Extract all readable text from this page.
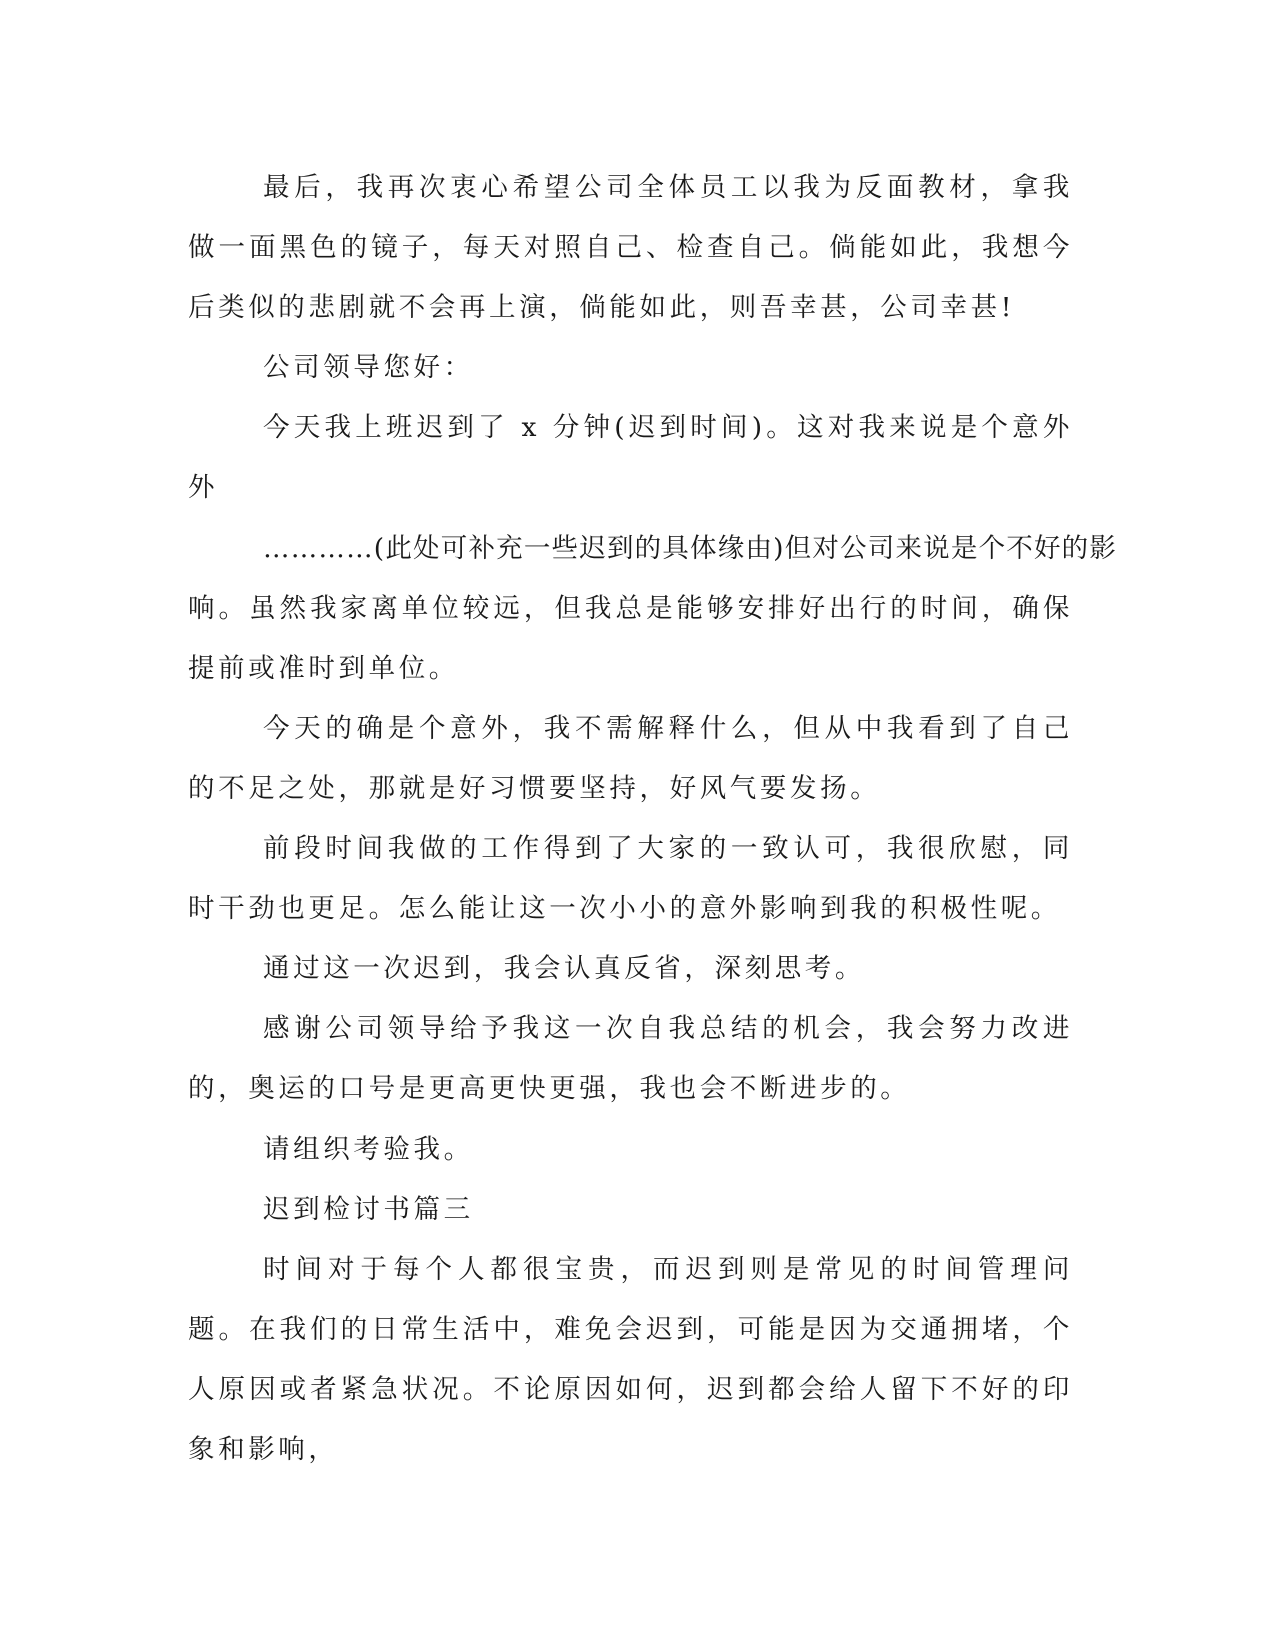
最后，我再次衷心希望公司全体员工以我为反面教材，拿我做一面黑色的镜子，每天对照自己、检查自己。倘能如此，我想今后类似的悲剧就不会再上演，倘能如此，则吾幸甚，公司幸甚!

公司领导您好：

今天我上班迟到了 x 分钟(迟到时间)。这对我来说是个意外外
…………(此处可补充一些迟到的具体缘由)但对公司来说是个不好的影
响。虽然我家离单位较远，但我总是能够安排好出行的时间，确保提前或准时到单位。

今天的确是个意外，我不需解释什么，但从中我看到了自己的不足之处，那就是好习惯要坚持，好风气要发扬。

前段时间我做的工作得到了大家的一致认可，我很欣慰，同时干劲也更足。怎么能让这一次小小的意外影响到我的积极性呢。

通过这一次迟到，我会认真反省，深刻思考。

感谢公司领导给予我这一次自我总结的机会，我会努力改进的，奥运的口号是更高更快更强，我也会不断进步的。

请组织考验我。

迟到检讨书篇三

时间对于每个人都很宝贵，而迟到则是常见的时间管理问题。在我们的日常生活中，难免会迟到，可能是因为交通拥堵，个人原因或者紧急状况。不论原因如何，迟到都会给人留下不好的印象和影响，
